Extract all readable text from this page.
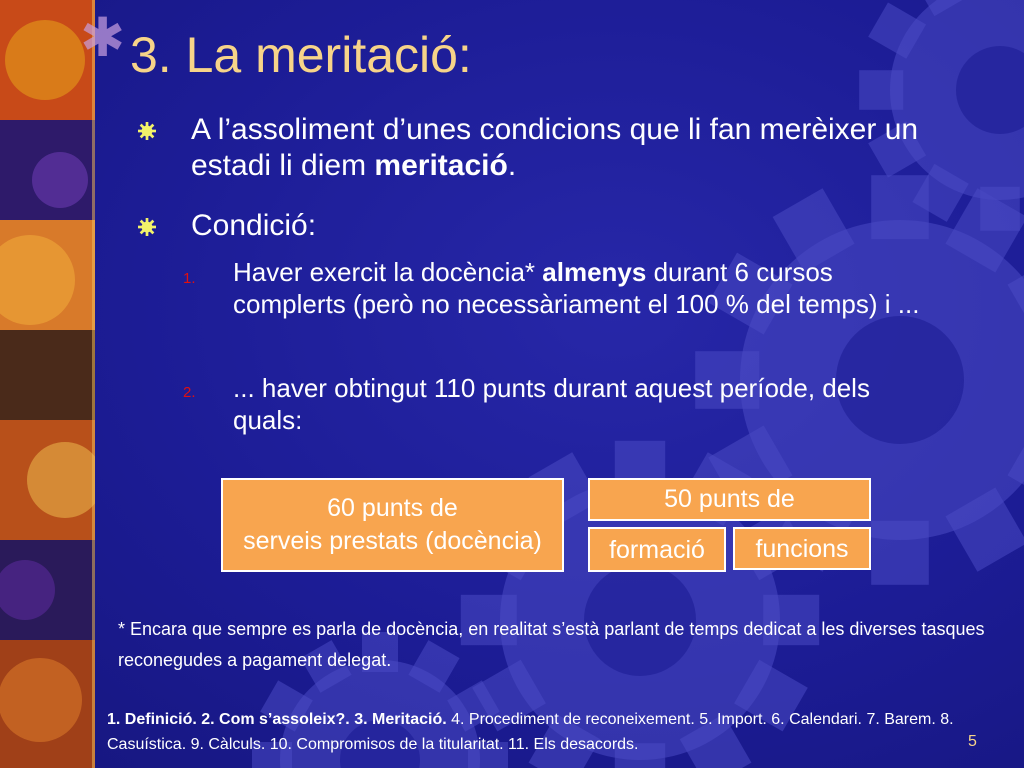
✱ 3. La meritació:
A l’assoliment d’unes condicions que li fan merèixer un estadi li diem meritació.
Condició:
1. Haver exercit la docència* almenys durant 6 cursos complerts (però no necessàriament el 100 % del temps) i ...
2. ... haver obtingut 110 punts durant aquest període, dels quals:
60 punts de
serveis prestats (docència)
50 punts de
formació	funcions
* Encara que sempre es parla de docència, en realitat s’està parlant de temps dedicat a les diverses tasques reconegudes a pagament delegat.
1. Definició. 2. Com s’assoleix?. 3. Meritació. 4. Procediment de reconeixement. 5. Import. 6. Calendari. 7. Barem. 8. Casuística. 9. Càlculs. 10. Compromisos de la titularitat. 11. Els desacords.	5
